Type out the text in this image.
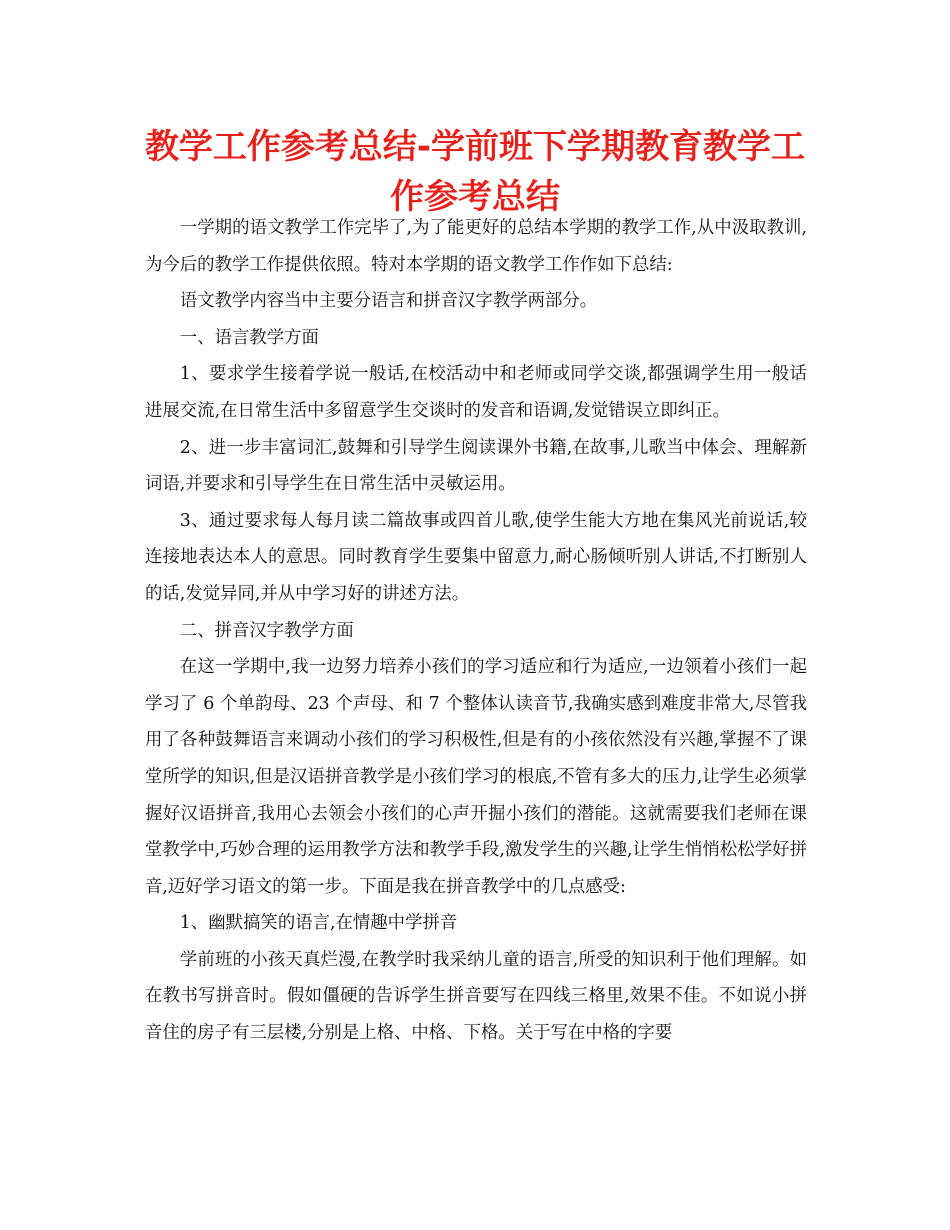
教学工作参考总结-学前班下学期教育教学工作参考总结

一学期的语文教学工作完毕了,为了能更好的总结本学期的教学工作,从中汲取教训,为今后的教学工作提供依照。特对本学期的语文教学工作作如下总结:

语文教学内容当中主要分语言和拼音汉字教学两部分。

一、语言教学方面

1、要求学生接着学说一般话,在校活动中和老师或同学交谈,都强调学生用一般话进展交流,在日常生活中多留意学生交谈时的发音和语调,发觉错误立即纠正。

2、进一步丰富词汇,鼓舞和引导学生阅读课外书籍,在故事,儿歌当中体会、理解新词语,并要求和引导学生在日常生活中灵敏运用。

3、通过要求每人每月读二篇故事或四首儿歌,使学生能大方地在集风光前说话,较连接地表达本人的意思。同时教育学生要集中留意力,耐心肠倾听别人讲话,不打断别人的话,发觉异同,并从中学习好的讲述方法。

二、拼音汉字教学方面

在这一学期中,我一边努力培养小孩们的学习适应和行为适应,一边领着小孩们一起学习了 6 个单韵母、23 个声母、和 7 个整体认读音节,我确实感到难度非常大,尽管我用了各种鼓舞语言来调动小孩们的学习积极性,但是有的小孩依然没有兴趣,掌握不了课堂所学的知识,但是汉语拼音教学是小孩们学习的根底,不管有多大的压力,让学生必须掌握好汉语拼音,我用心去领会小孩们的心声开掘小孩们的潜能。这就需要我们老师在课堂教学中,巧妙合理的运用教学方法和教学手段,激发学生的兴趣,让学生悄悄松松学好拼音,迈好学习语文的第一步。下面是我在拼音教学中的几点感受:

1、幽默搞笑的语言,在情趣中学拼音

学前班的小孩天真烂漫,在教学时我采纳儿童的语言,所受的知识利于他们理解。如在教书写拼音时。假如僵硬的告诉学生拼音要写在四线三格里,效果不佳。不如说小拼音住的房子有三层楼,分别是上格、中格、下格。关于写在中格的字要
